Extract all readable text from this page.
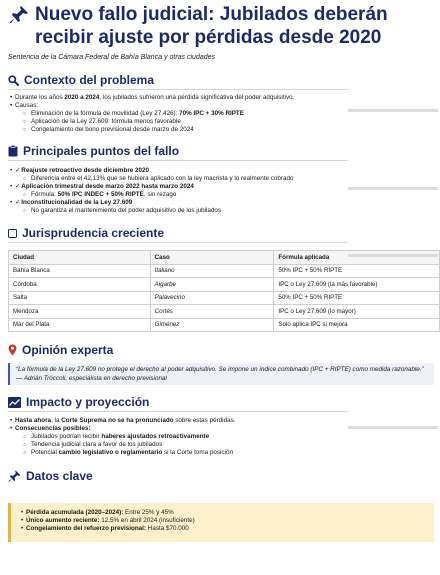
Nuevo fallo judicial: Jubilados deberán recibir ajuste por pérdidas desde 2020

Sentencia de la Cámara Federal de Bahía Blanca y otras ciudades

Contexto del problema
• Durante los años 2020 a 2024, los jubilados sufrieron una pérdida significativa del poder adquisitivo.
• Causas:
○ Eliminación de la fórmula de movilidad (Ley 27.426): 70% IPC + 30% RIPTE
○ Aplicación de la Ley 27.609: fórmula menos favorable
○ Congelamiento del bono previsional desde marzo de 2024
Principales puntos del fallo
• ✓Reajuste retroactivo desde diciembre 2020
○ Diferencia entre el 42,13% que se hubiera aplicado con la ley macrista y lo realmente cobrado
• ✓Aplicación trimestral desde marzo 2022 hasta marzo 2024
○ Fórmula: 50% IPC INDEC + 50% RIPTE, sin rezago
• ✓Inconstitucionalidad de la Ley 27.609
○ No garantiza el mantenimiento del poder adquisitivo de los jubilados
Jurisprudencia creciente
Ciudad	Caso	Fórmula aplicada
Bahía Blanca	Italiano	50% IPC + 50% RIPTE
Córdoba	Algarbe	IPC o Ley 27.609 (la más favorable)
Salta	Palavecino	50% IPC + 50% RIPTE
Mendoza	Cortés	IPC o Ley 27.609 (lo mayor)
Mar del Plata	Giménez	Solo aplica IPC si mejora
Opinión experta
“La fórmula de la Ley 27.609 no protege el derecho al poder adquisitivo. Se impone un índice combinado (IPC + RIPTE) como medida razonable.” — Adrián Tróccoli, especialista en derecho previsional
Impacto y proyección
• Hasta ahora, la Corte Suprema no se ha pronunciado sobre estas pérdidas.
• Consecuencias posibles:
○ Jubilados podrían recibir haberes ajustados retroactivamente
○ Tendencia judicial clara a favor de los jubilados
○ Potencial cambio legislativo o reglamentario si la Corte toma posición
Datos clave
• Pérdida acumulada (2020–2024): Entre 25% y 45%
• Único aumento reciente: 12,5% en abril 2024 (insuficiente)
• Congelamiento del refuerzo previsional: Hasta $70.000
